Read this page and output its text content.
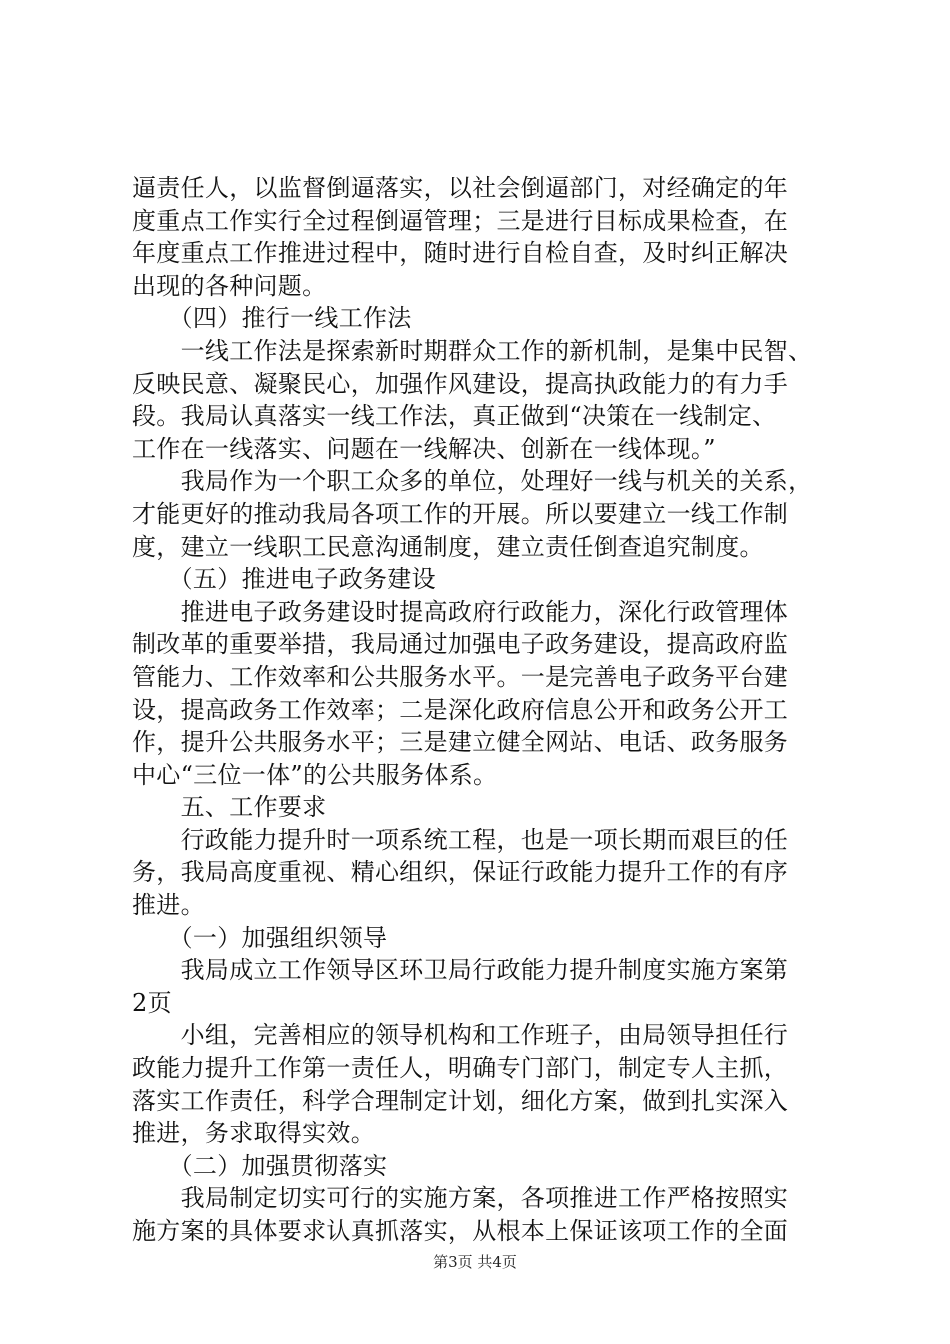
逼责任人，以监督倒逼落实，以社会倒逼部门，对经确定的年
度重点工作实行全过程倒逼管理；三是进行目标成果检查，在
年度重点工作推进过程中，随时进行自检自查，及时纠正解决
出现的各种问题。
　　（四）推行一线工作法
　　一线工作法是探索新时期群众工作的新机制，是集中民智、
反映民意、凝聚民心，加强作风建设，提高执政能力的有力手
段。我局认真落实一线工作法，真正做到“决策在一线制定、
工作在一线落实、问题在一线解决、创新在一线体现。”
　　我局作为一个职工众多的单位，处理好一线与机关的关系，
才能更好的推动我局各项工作的开展。所以要建立一线工作制
度，建立一线职工民意沟通制度，建立责任倒查追究制度。
　　（五）推进电子政务建设
　　推进电子政务建设时提高政府行政能力，深化行政管理体
制改革的重要举措，我局通过加强电子政务建设，提高政府监
管能力、工作效率和公共服务水平。一是完善电子政务平台建
设，提高政务工作效率；二是深化政府信息公开和政务公开工
作，提升公共服务水平；三是建立健全网站、电话、政务服务
中心“三位一体”的公共服务体系。
　　五、工作要求
　　行政能力提升时一项系统工程，也是一项长期而艰巨的任
务，我局高度重视、精心组织，保证行政能力提升工作的有序
推进。
　　（一）加强组织领导
　　我局成立工作领导区环卫局行政能力提升制度实施方案第
2页
　　小组，完善相应的领导机构和工作班子，由局领导担任行
政能力提升工作第一责任人，明确专门部门，制定专人主抓，
落实工作责任，科学合理制定计划，细化方案，做到扎实深入
推进，务求取得实效。
　　（二）加强贯彻落实
　　我局制定切实可行的实施方案，各项推进工作严格按照实
施方案的具体要求认真抓落实，从根本上保证该项工作的全面
第3页 共4页
